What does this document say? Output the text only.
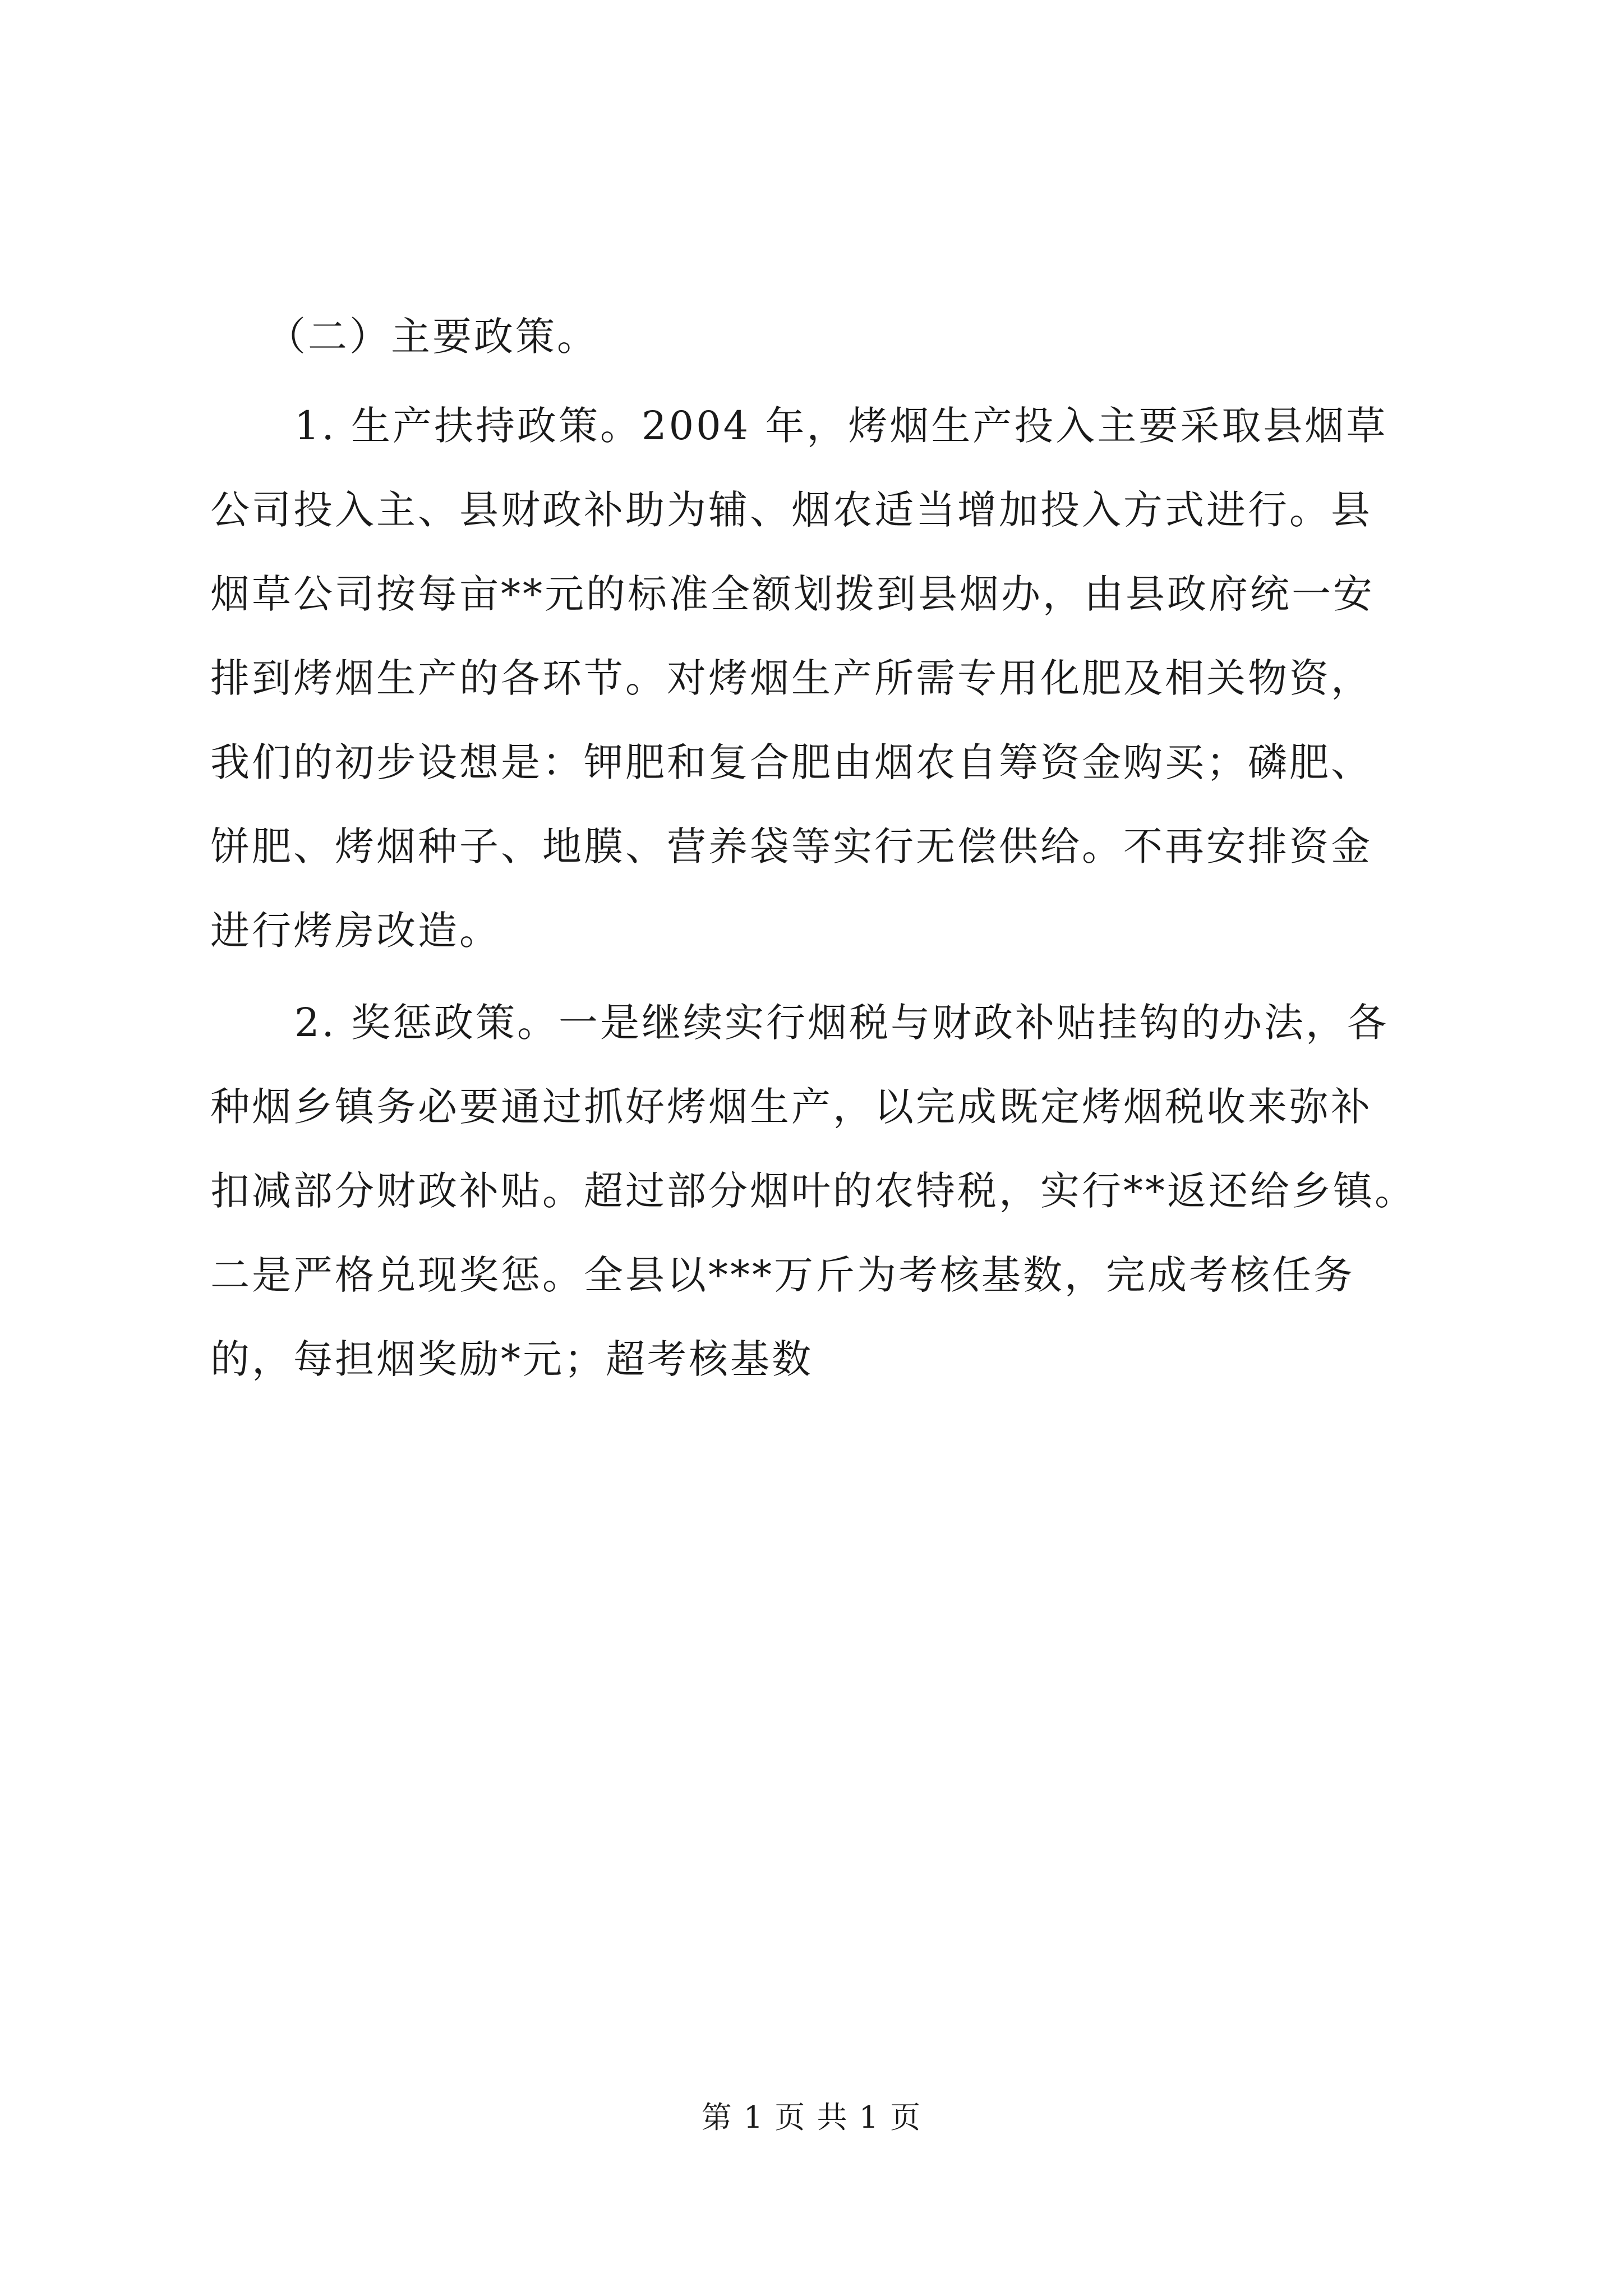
（二）主要政策。

1. 生产扶持政策。2004 年，烤烟生产投入主要采取县烟草
公司投入主、县财政补助为辅、烟农适当增加投入方式进行。县
烟草公司按每亩**元的标准全额划拨到县烟办，由县政府统一安
排到烤烟生产的各环节。对烤烟生产所需专用化肥及相关物资，
我们的初步设想是：钾肥和复合肥由烟农自筹资金购买；磷肥、
饼肥、烤烟种子、地膜、营养袋等实行无偿供给。不再安排资金
进行烤房改造。

2. 奖惩政策。一是继续实行烟税与财政补贴挂钩的办法，各
种烟乡镇务必要通过抓好烤烟生产，以完成既定烤烟税收来弥补
扣减部分财政补贴。超过部分烟叶的农特税，实行**返还给乡镇。
二是严格兑现奖惩。全县以***万斤为考核基数，完成考核任务
的，每担烟奖励*元；超考核基数

第 1 页 共 1 页
